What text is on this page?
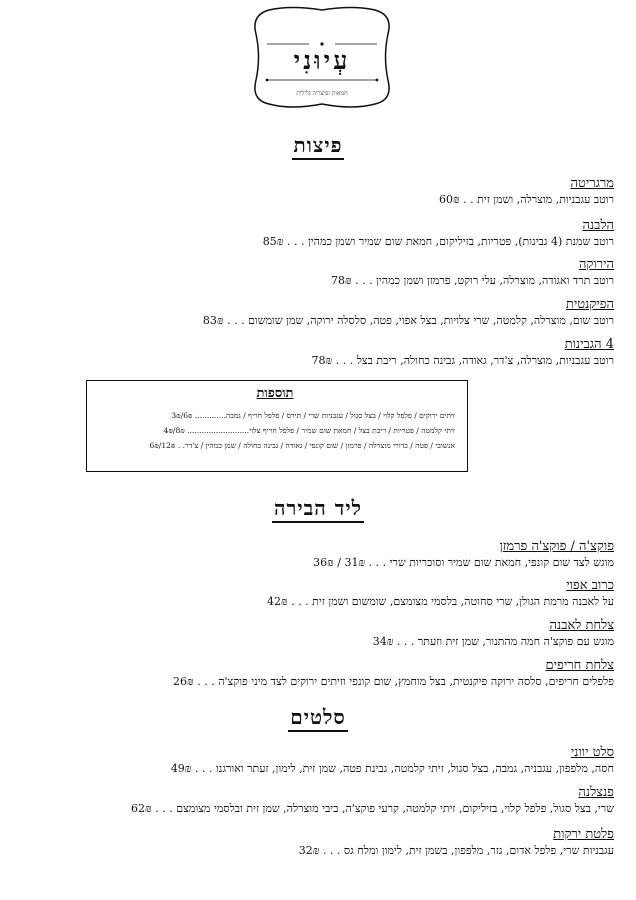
עְיוּנִי
חמאות ופיצריה גלילית
פיצות
מרגריטה
רוטב עגבניות, מוצרלה, ושמן זית . . 60₪
הלבנה
רוטב שמנת (4 גבינות), פטריות, בזיליקום, חמאת שום שמיר ושמן כמהין . . . 85₪
הירוקה
רוטב תרד ואגודה, מוצרלה, עלי רוקט, פרמזן ושמן כמהין . . . 78₪
הפיקנטית
רוטב שום, מוצרלה, קלמטה, שרי צלויות, בצל אפוי, פטה, סלסלה ירוקה, שמן שומשום . . . 83₪
4 הגבינות
רוטב עגבניות, מוצרלה, צ'דר, גאודה, גבינה כחולה, ריבת בצל . . . 78₪
תוספות
זיתים ירוקים / פלפל קלוי / בצל סגול / עגבניות שרי / תירס / פלפל חריף / גמבה............. 6₪/3₪
זיתי קלמטה / פטריות / ריבת בצל / חמאת שום שמיר / פלפל חריף צלוי.......................... 8₪/4₪
אנשובי / פטה / כדורי מוצרלה / פרמזן / שום קונפי / גאודה / גבינה כחולה / שמן כמהין / צ'דר. . 12₪/6₪
ליד הבירה
פוקצ'ה / פוקצ'ה פרמזן
מוגש לצד שום קונפי, חמאת שום שמיר וסוכריות שרי . . . 31₪ / 36₪
כרוב אפוי
על לאבנה מרמת הגולן, שרי סחוטה, בלסמי מצומצם, שומשום ושמן זית . . . 42₪
צלחת לאבנה
מוגש עם פוקצ'ה חמה מהתנור, שמן זית וזעתר . . . 34₪
צלחת חריפים
פלפלים חריפים, סלסה ירוקה פיקנטית, בצל מוחמץ, שום קונפי וזיתים ירוקים לצד מיני פוקצ'ה . . . 26₪
סלטים
סלט יווני
חסה, מלפפון, עגבניה, גמבה, בצל סגול, זיתי קלמטה, גבינת פטה, שמן זית, לימון, זעתר ואורגנו . . . 49₪
פנצלנה
שרי, בצל סגול, פלפל קלוי, בזיליקום, זיתי קלמטה, קרעי פוקצ'ה, ביבי מוצרלה, שמן זית ובלסמי מצומצם . . . 62₪
פלטת ירקות
עגבניות שרי, פלפל אדום, גזר, מלפפון, בשמן זית, לימון ומלח גס . . . 32₪
